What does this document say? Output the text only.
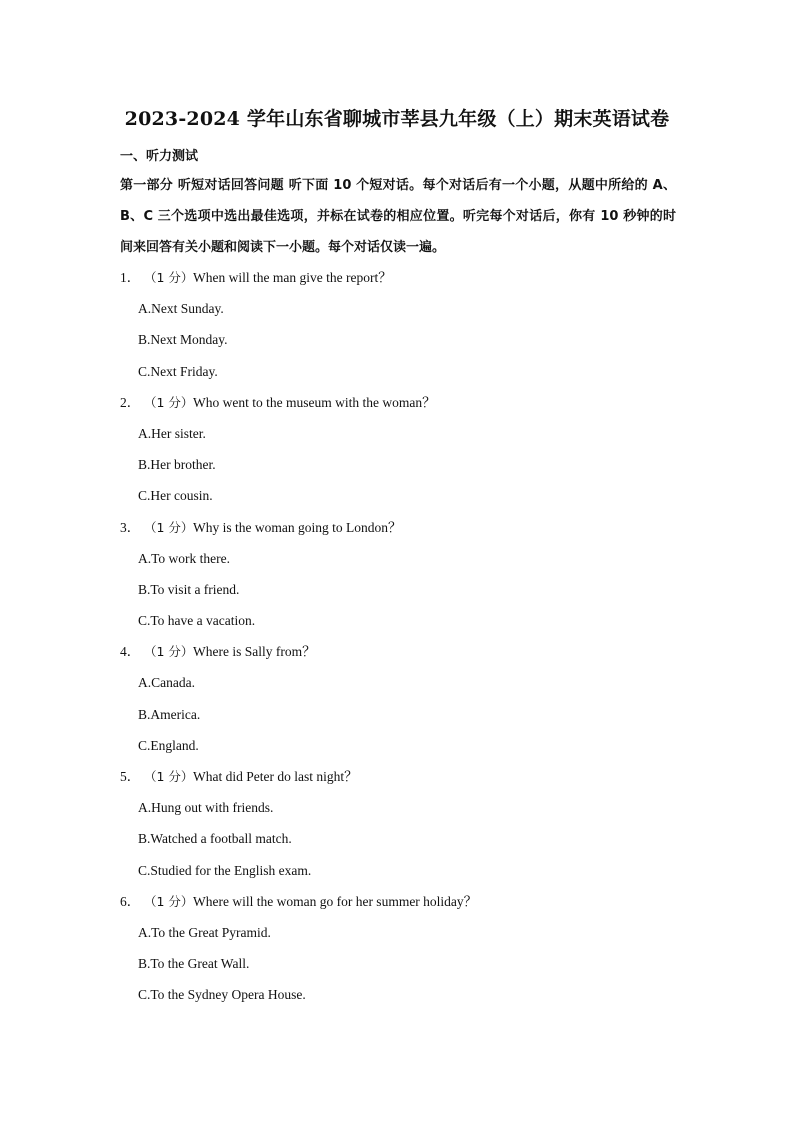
2023-2024 学年山东省聊城市莘县九年级（上）期末英语试卷
一、听力测试
第一部分 听短对话回答问题 听下面 10 个短对话。每个对话后有一个小题，从题中所给的 A、B、C 三个选项中选出最佳选项，并标在试卷的相应位置。听完每个对话后，你有 10 秒钟的时间来回答有关小题和阅读下一小题。每个对话仅读一遍。
1． （1 分） When will the man give the report？
A.Next Sunday.
B.Next Monday.
C.Next Friday.
2． （1 分） Who went to the museum with the woman？
A.Her sister.
B.Her brother.
C.Her cousin.
3． （1 分） Why is the woman going to London？
A.To work there.
B.To visit a friend.
C.To have a vacation.
4． （1 分） Where is Sally from？
A.Canada.
B.America.
C.England.
5． （1 分） What did Peter do last night？
A.Hung out with friends.
B.Watched a football match.
C.Studied for the English exam.
6． （1 分） Where will the woman go for her summer holiday？
A.To the Great Pyramid.
B.To the Great Wall.
C.To the Sydney Opera House.
